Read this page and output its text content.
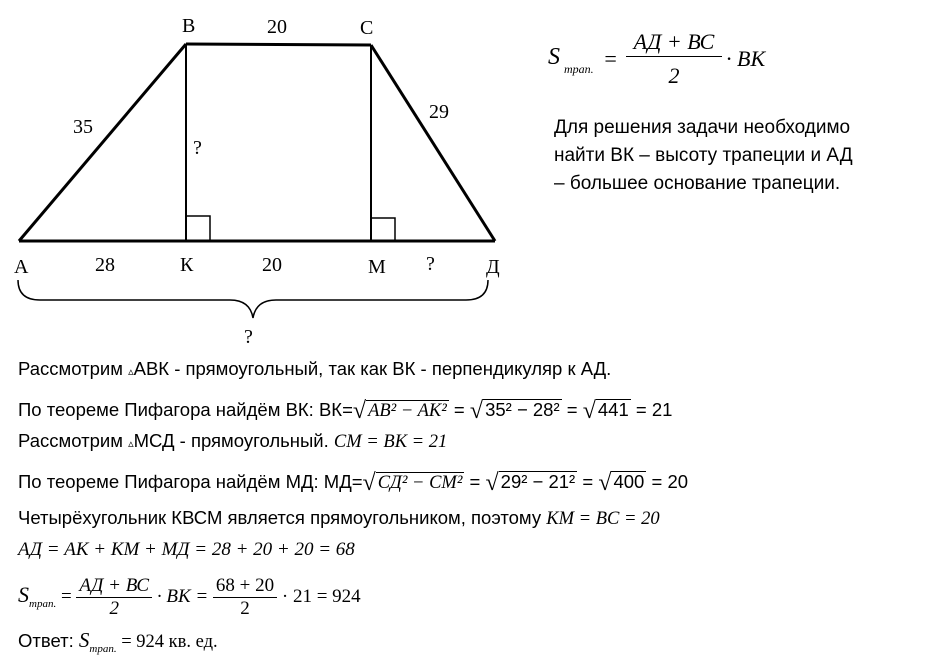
А
В	С
Д
К	М
20
35
29
?
28	20	?
?
S трап. =
АД + ВС
2
· ВК
Для решения задачи необходимо
найти ВК – высоту трапеции и АД
– большее основание трапеции.
Рассмотрим ▵АВК - прямоугольный, так как ВК - перпендикуляр к АД.
По теореме Пифагора найдём ВК: ВК=√ AB² − AK² = √ 35² − 28² = √ 441 = 21
Рассмотрим ▵МСД - прямоугольный. CM = BK = 21
По теореме Пифагора найдём МД: МД=√ СД² − CM² = √ 29² − 21² = √ 400 = 20
Четырёхугольник КВСМ является прямоугольником, поэтому KM = BC = 20
АД = АК + КМ + МД = 28 + 20 + 20 = 68
$S_{трап.} = \frac{АД + ВС}{2}$ · ВК = $\frac{68 + 20}{2} \cdot 21 = 924$
Ответ: $S_{трап.} = 924$ кв. ед.
